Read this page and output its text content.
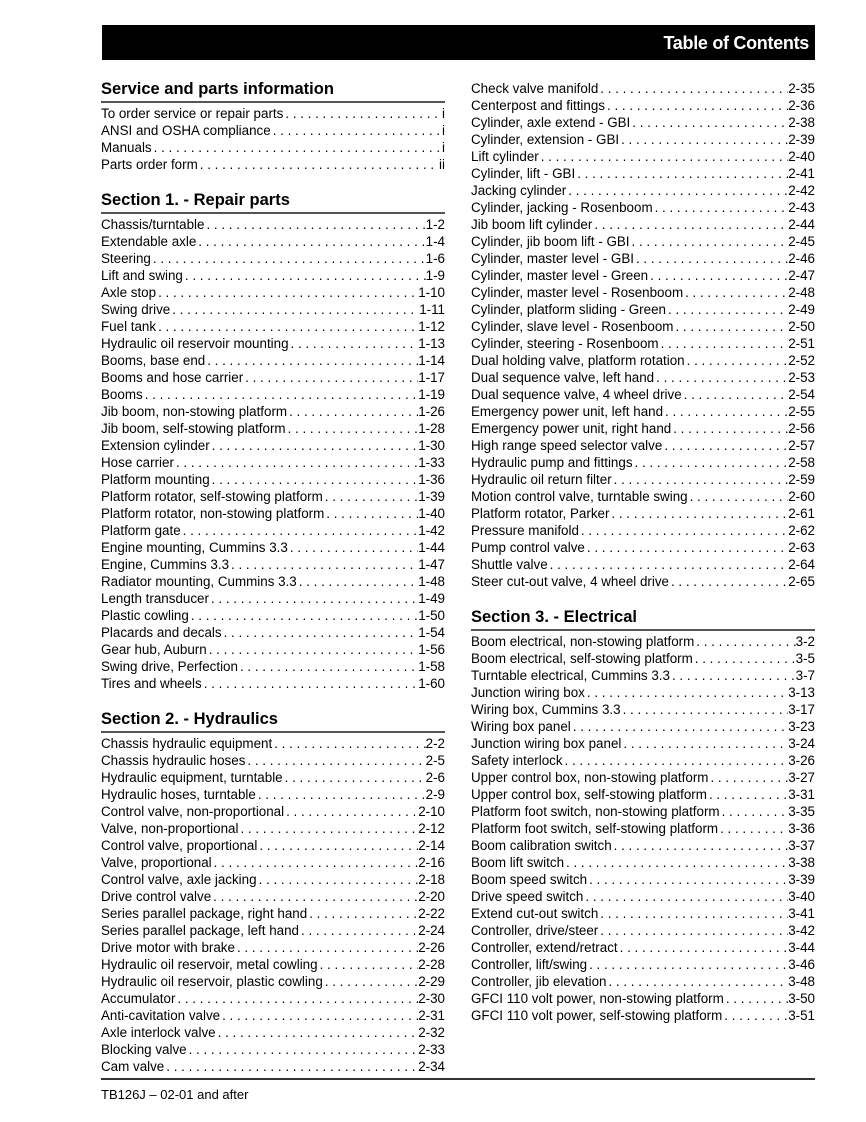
Table of Contents
Service and parts information
To order service or repair parts . . .	i
ANSI and OSHA compliance . . .	i
Manuals . . .	i
Parts order form . . .	ii
Section 1. - Repair parts
Chassis/turntable . . .	1-2
Extendable axle . . .	1-4
Steering . . .	1-6
Lift and swing . . .	1-9
Axle stop . . .	1-10
Swing drive . . .	1-11
Fuel tank . . .	1-12
Hydraulic oil reservoir mounting . . .	1-13
Booms, base end . . .	1-14
Booms and hose carrier . . .	1-17
Booms . . .	1-19
Jib boom, non-stowing platform . . .	1-26
Jib boom, self-stowing platform . . .	1-28
Extension cylinder . . .	1-30
Hose carrier . . .	1-33
Platform mounting . . .	1-36
Platform rotator, self-stowing platform . . .	1-39
Platform rotator, non-stowing platform . . .	1-40
Platform gate . . .	1-42
Engine mounting, Cummins 3.3 . . .	1-44
Engine, Cummins 3.3 . . .	1-47
Radiator mounting, Cummins 3.3 . . .	1-48
Length transducer . . .	1-49
Plastic cowling . . .	1-50
Placards and decals . . .	1-54
Gear hub, Auburn . . .	1-56
Swing drive, Perfection . . .	1-58
Tires and wheels . . .	1-60
Section 2. - Hydraulics
Chassis hydraulic equipment . . .	2-2
Chassis hydraulic hoses . . .	2-5
Hydraulic equipment, turntable . . .	2-6
Hydraulic hoses, turntable . . .	2-9
Control valve, non-proportional . . .	2-10
Valve, non-proportional . . .	2-12
Control valve, proportional . . .	2-14
Valve, proportional . . .	2-16
Control valve, axle jacking . . .	2-18
Drive control valve . . .	2-20
Series parallel package, right hand . . .	2-22
Series parallel package, left hand . . .	2-24
Drive motor with brake . . .	2-26
Hydraulic oil reservoir, metal cowling . . .	2-28
Hydraulic oil reservoir, plastic cowling . . .	2-29
Accumulator . . .	2-30
Anti-cavitation valve . . .	2-31
Axle interlock valve . . .	2-32
Blocking valve . . .	2-33
Cam valve . . .	2-34
Check valve manifold . . .	2-35
Centerpost and fittings . . .	2-36
Cylinder, axle extend - GBI . . .	2-38
Cylinder, extension - GBI . . .	2-39
Lift cylinder . . .	2-40
Cylinder, lift - GBI . . .	2-41
Jacking cylinder . . .	2-42
Cylinder, jacking - Rosenboom . . .	2-43
Jib boom lift cylinder . . .	2-44
Cylinder, jib boom lift - GBI . . .	2-45
Cylinder, master level - GBI . . .	2-46
Cylinder, master level - Green . . .	2-47
Cylinder, master level - Rosenboom . . .	2-48
Cylinder, platform sliding - Green . . .	2-49
Cylinder, slave level - Rosenboom . . .	2-50
Cylinder, steering - Rosenboom . . .	2-51
Dual holding valve, platform rotation . . .	2-52
Dual sequence valve, left hand . . .	2-53
Dual sequence valve, 4 wheel drive . . .	2-54
Emergency power unit, left hand . . .	2-55
Emergency power unit, right hand . . .	2-56
High range speed selector valve . . .	2-57
Hydraulic pump and fittings . . .	2-58
Hydraulic oil return filter . . .	2-59
Motion control valve, turntable swing . . .	2-60
Platform rotator, Parker . . .	2-61
Pressure manifold . . .	2-62
Pump control valve . . .	2-63
Shuttle valve . . .	2-64
Steer cut-out valve, 4 wheel drive . . .	2-65
Section 3. - Electrical
Boom electrical, non-stowing platform . . .	3-2
Boom electrical, self-stowing platform . . .	3-5
Turntable electrical, Cummins 3.3 . . .	3-7
Junction wiring box . . .	3-13
Wiring box, Cummins 3.3 . . .	3-17
Wiring box panel . . .	3-23
Junction wiring box panel . . .	3-24
Safety interlock . . .	3-26
Upper control box, non-stowing platform . . .	3-27
Upper control box, self-stowing platform . . .	3-31
Platform foot switch, non-stowing platform . . .	3-35
Platform foot switch, self-stowing platform . . .	3-36
Boom calibration switch . . .	3-37
Boom lift switch . . .	3-38
Boom speed switch . . .	3-39
Drive speed switch . . .	3-40
Extend cut-out switch . . .	3-41
Controller, drive/steer . . .	3-42
Controller, extend/retract . . .	3-44
Controller, lift/swing . . .	3-46
Controller, jib elevation . . .	3-48
GFCI 110 volt power, non-stowing platform . . .	3-50
GFCI 110 volt power, self-stowing platform . . .	3-51
TB126J – 02-01 and after
